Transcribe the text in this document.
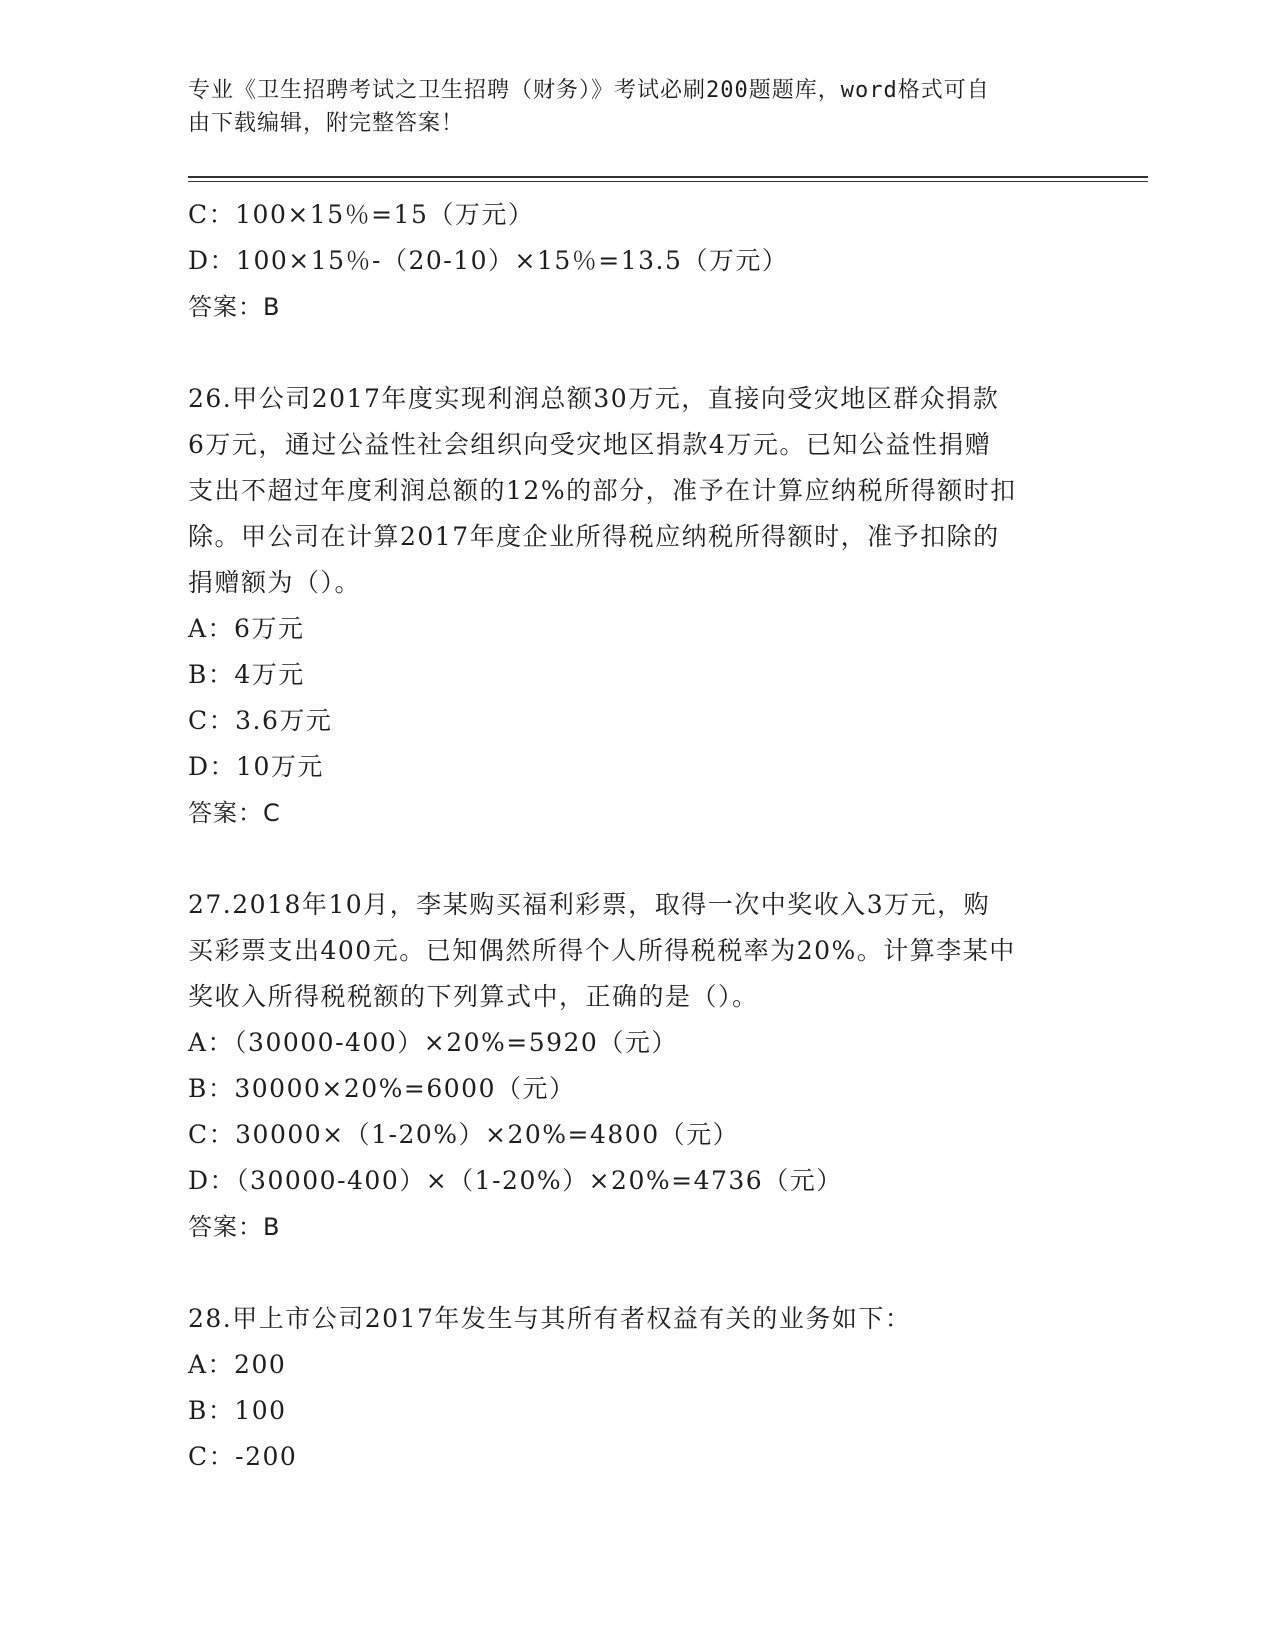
专业《卫生招聘考试之卫生招聘（财务）》考试必刷200题题库，word格式可自
由下载编辑，附完整答案！
C：100×15％=15（万元）
D：100×15％-（20-10）×15％=13.5（万元）
答案：B
26.甲公司2017年度实现利润总额30万元，直接向受灾地区群众捐款
6万元，通过公益性社会组织向受灾地区捐款4万元。已知公益性捐赠
支出不超过年度利润总额的12%的部分，准予在计算应纳税所得额时扣
除。甲公司在计算2017年度企业所得税应纳税所得额时，准予扣除的
捐赠额为（）。
A：6万元
B：4万元
C：3.6万元
D：10万元
答案：C
27.2018年10月，李某购买福利彩票，取得一次中奖收入3万元，购
买彩票支出400元。已知偶然所得个人所得税税率为20%。计算李某中
奖收入所得税税额的下列算式中，正确的是（）。
A：（30000-400）×20%=5920（元）
B：30000×20%=6000（元）
C：30000×（1-20%）×20%=4800（元）
D：（30000-400）×（1-20%）×20%=4736（元）
答案：B
28.甲上市公司2017年发生与其所有者权益有关的业务如下：
A：200
B：100
C：-200
